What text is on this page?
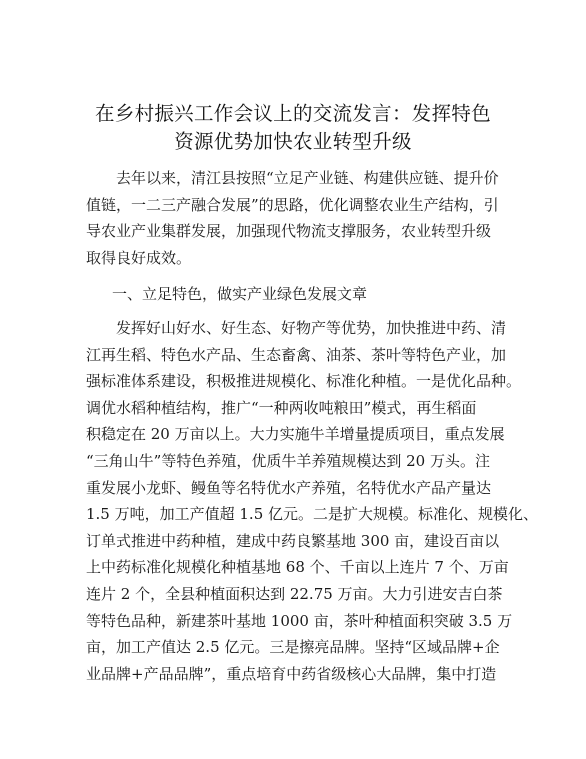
在乡村振兴工作会议上的交流发言：发挥特色
资源优势加快农业转型升级
　　去年以来，清江县按照“立足产业链、构建供应链、提升价
值链，一二三产融合发展”的思路，优化调整农业生产结构，引
导农业产业集群发展，加强现代物流支撑服务，农业转型升级
取得良好成效。
一、立足特色，做实产业绿色发展文章
　　发挥好山好水、好生态、好物产等优势，加快推进中药、清
江再生稻、特色水产品、生态畜禽、油茶、茶叶等特色产业，加
强标准体系建设，积极推进规模化、标准化种植。一是优化品种。
调优水稻种植结构，推广“一种两收吨粮田”模式，再生稻面
积稳定在 20 万亩以上。大力实施牛羊增量提质项目，重点发展
“三角山牛”等特色养殖，优质牛羊养殖规模达到 20 万头。注
重发展小龙虾、鳗鱼等名特优水产养殖，名特优水产品产量达
1.5 万吨，加工产值超 1.5 亿元。二是扩大规模。标准化、规模化、
订单式推进中药种植，建成中药良繁基地 300 亩，建设百亩以
上中药标准化规模化种植基地 68 个、千亩以上连片 7 个、万亩
连片 2 个，全县种植面积达到 22.75 万亩。大力引进安吉白茶
等特色品种，新建茶叶基地 1000 亩，茶叶种植面积突破 3.5 万
亩，加工产值达 2.5 亿元。三是擦亮品牌。坚持“区域品牌+企
业品牌+产品品牌”，重点培育中药省级核心大品牌，集中打造
